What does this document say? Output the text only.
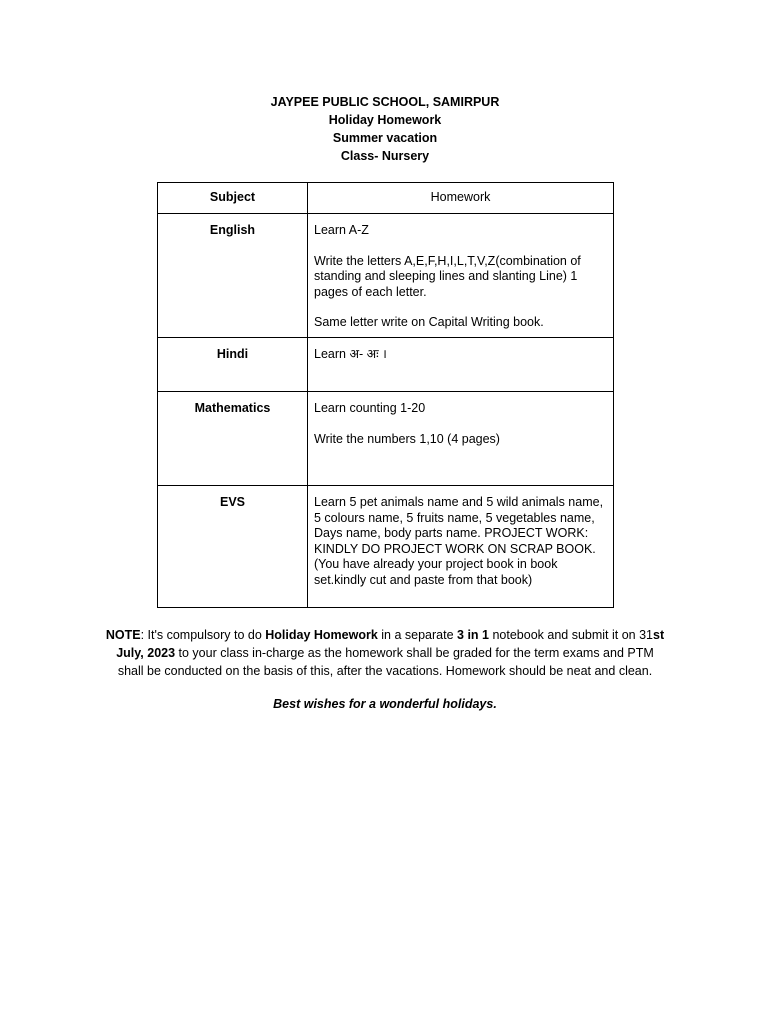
JAYPEE PUBLIC SCHOOL, SAMIRPUR
Holiday Homework
Summer vacation
Class- Nursery
Subject	Homework
English	Learn A-Z

Write the letters A,E,F,H,I,L,T,V,Z(combination of standing and sleeping lines and slanting Line) 1 pages of each letter.

Same letter write on Capital Writing book.

Hindi	Learn अ- अः ।

Mathematics	Learn counting 1-20

Write the numbers 1,10 (4 pages)

EVS	Learn 5 pet animals name and 5 wild animals name, 5 colours name, 5 fruits name, 5 vegetables name, Days name, body parts name. PROJECT WORK: KINDLY DO PROJECT WORK ON SCRAP BOOK.(You have already your project book in book set.kindly cut and paste from that book)

NOTE: It's compulsory to do Holiday Homework in a separate 3 in 1 notebook and submit it on 31st July, 2023 to your class in-charge as the homework shall be graded for the term exams and PTM shall be conducted on the basis of this, after the vacations. Homework should be neat and clean.
Best wishes for a wonderful holidays.
